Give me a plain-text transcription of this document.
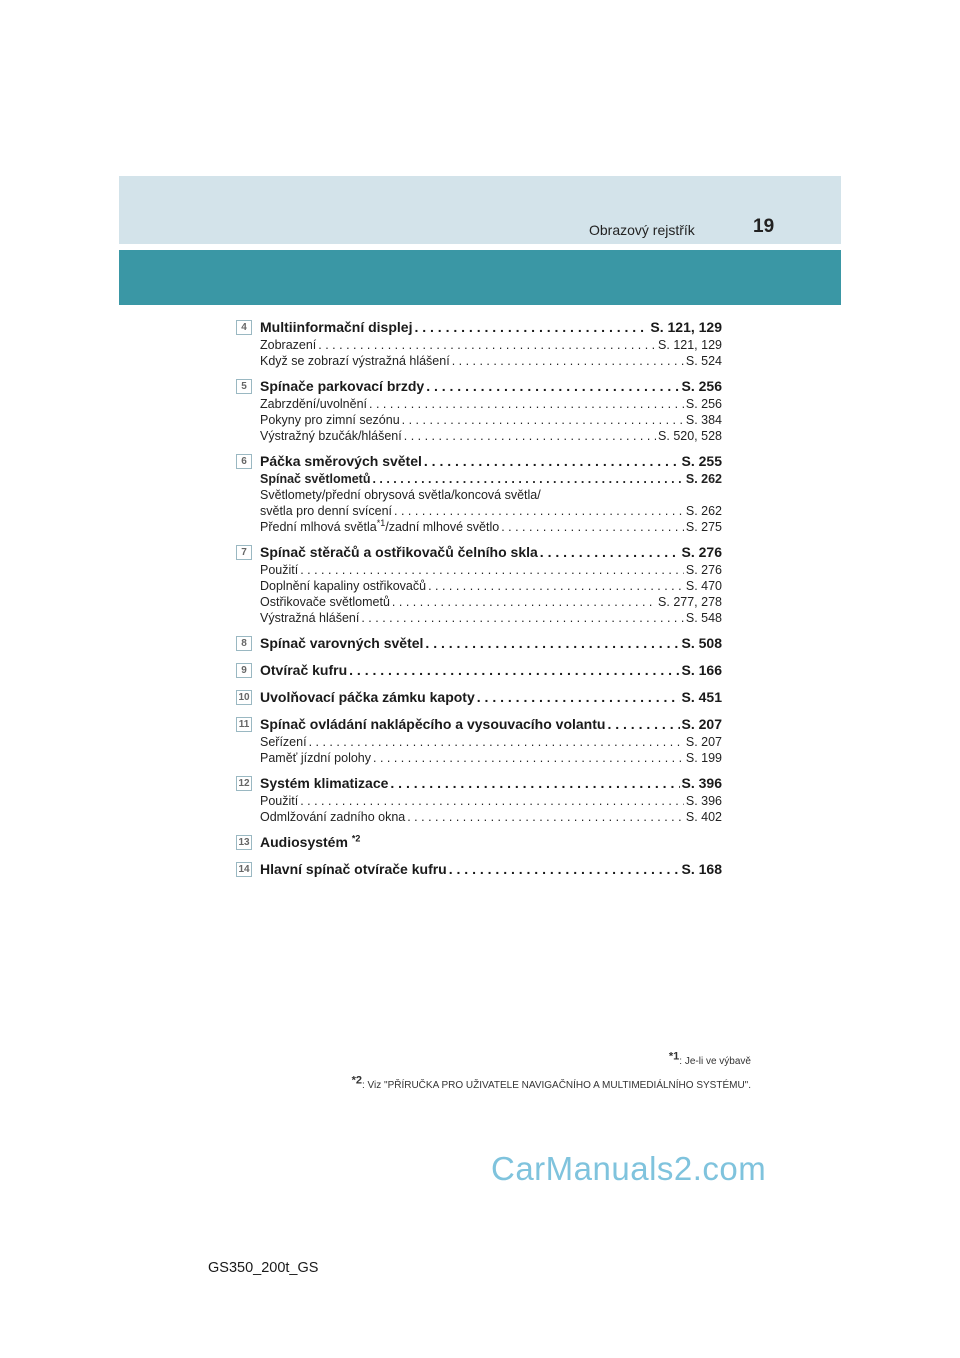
Obrazový rejstřík	19
4 Multiinformační displej . . .	S. 121, 129
Zobrazení . . .	S. 121, 129
Když se zobrazí výstražná hlášení . . .	S. 524
5 Spínače parkovací brzdy . . .	S. 256
Zabrzdění/uvolnění . . .	S. 256
Pokyny pro zimní sezónu . . .	S. 384
Výstražný bzučák/hlášení . . .	S. 520, 528
6 Páčka směrových světel . . .	S. 255
Spínač světlometů . . .	S. 262
Světlomety/přední obrysová světla/koncová světla/
světla pro denní svícení . . .	S. 262
Přední mlhová světla$^{*1}$/zadní mlhové světlo . . .	S. 275
7 Spínač stěračů a ostřikovačů čelního skla . . .	S. 276
Použití . . .	S. 276
Doplnění kapaliny ostřikovačů . . .	S. 470
Ostřikovače světlometů . . .	S. 277, 278
Výstražná hlášení . . .	S. 548
8 Spínač varovných světel . . .	S. 508
9 Otvírač kufru . . .	S. 166
10 Uvolňovací páčka zámku kapoty . . .	S. 451
11 Spínač ovládání naklápěcího a vysouvacího volantu . . .	S. 207
Seřízení . . .	S. 207
Paměť jízdní polohy . . .	S. 199
12 Systém klimatizace . . .	S. 396
Použití . . .	S. 396
Odmlžování zadního okna . . .	S. 402
13 Audiosystém $^{*2}$
14 Hlavní spínač otvírače kufru . . .	S. 168
$^{*1}$: Je-li ve výbavě
$^{*2}$: Viz "PŘÍRUČKA PRO UŽIVATELE NAVIGAČNÍHO A MULTIMEDIÁLNÍHO SYSTÉMU".
CarManuals2.com
GS350_200t_GS
